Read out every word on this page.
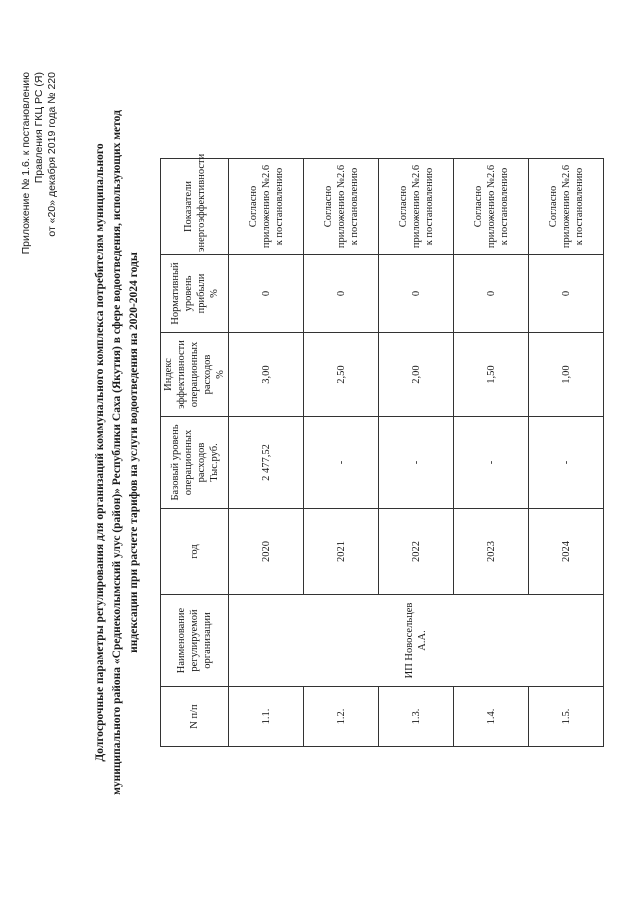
Приложение № 1.6. к постановлению Правления ГКЦ РС (Я) от «20» декабря 2019 года № 220	Долгосрочные параметры регулирования для организаций коммунального комплекса потребителям муниципального муниципального района «Среднеколымский улус (район)» Республики Саха (Якутия) в сфере водоотведения, использующих метод индексации при расчете тарифов на услуги водоотведения на 2020-2024 годы
N п/п	Наименование регулируемой организации	год	Базовый уровень операционных расходов Тыс.руб.	Индекс эффективности операционных расходов %	Нормативный уровень прибыли %	Показатели энергоэффективности
1.1.	ИП Новосельцев А.А.	2020	2 477,52	3,00	0	Согласно приложению №2.6 к постановлению
1.2.		2021	-	2,50	0	Согласно приложению №2.6 к постановлению
1.3.		2022	-	2,00	0	Согласно приложению №2.6 к постановлению
1.4.		2023	-	1,50	0	Согласно приложению №2.6 к постановлению
1.5.		2024	-	1,00	0	Согласно приложению №2.6 к постановлению
